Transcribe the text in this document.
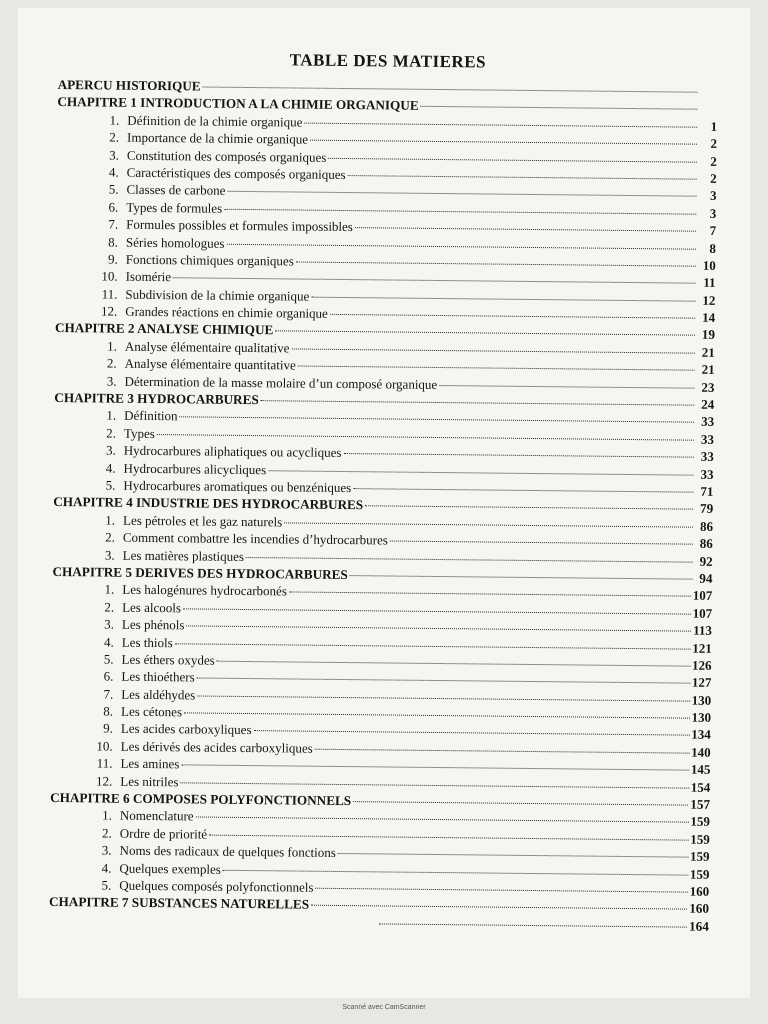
TABLE DES MATIERES
APERCU HISTORIQUE
CHAPITRE 1 INTRODUCTION A LA CHIMIE ORGANIQUE
1. Définition de la chimie organique	1
2. Importance de la chimie organique	2
3. Constitution des composés organiques	2
4. Caractéristiques des composés organiques	2
5. Classes de carbone	3
6. Types de formules	3
7. Formules possibles et formules impossibles	7
8. Séries homologues	8
9. Fonctions chimiques organiques	10
10. Isomérie	11
11. Subdivision de la chimie organique	12
12. Grandes réactions en chimie organique	14
CHAPITRE 2 ANALYSE CHIMIQUE	19
1. Analyse élémentaire qualitative	21
2. Analyse élémentaire quantitative	21
3. Détermination de la masse molaire d’un composé organique	23
CHAPITRE 3 HYDROCARBURES	24
1. Définition	33
2. Types	33
3. Hydrocarbures aliphatiques ou acycliques	33
4. Hydrocarbures alicycliques	33
5. Hydrocarbures aromatiques ou benzéniques	71
CHAPITRE 4 INDUSTRIE DES HYDROCARBURES	79
1. Les pétroles et les gaz naturels	86
2. Comment combattre les incendies d’hydrocarbures	86
3. Les matières plastiques	92
CHAPITRE 5 DERIVES DES HYDROCARBURES	94
1. Les halogénures hydrocarbonés	107
2. Les alcools	107
3. Les phénols	113
4. Les thiols	121
5. Les éthers oxydes	126
6. Les thioéthers	127
7. Les aldéhydes	130
8. Les cétones	130
9. Les acides carboxyliques	134
10. Les dérivés des acides carboxyliques	140
11. Les amines	145
12. Les nitriles	154
CHAPITRE 6 COMPOSES POLYFONCTIONNELS	157
1. Nomenclature	159
2. Ordre de priorité	159
3. Noms des radicaux de quelques fonctions	159
4. Quelques exemples	159
5. Quelques composés polyfonctionnels	160
CHAPITRE 7 SUBSTANCES NATURELLES	160
164
Scanné avec CamScanner
